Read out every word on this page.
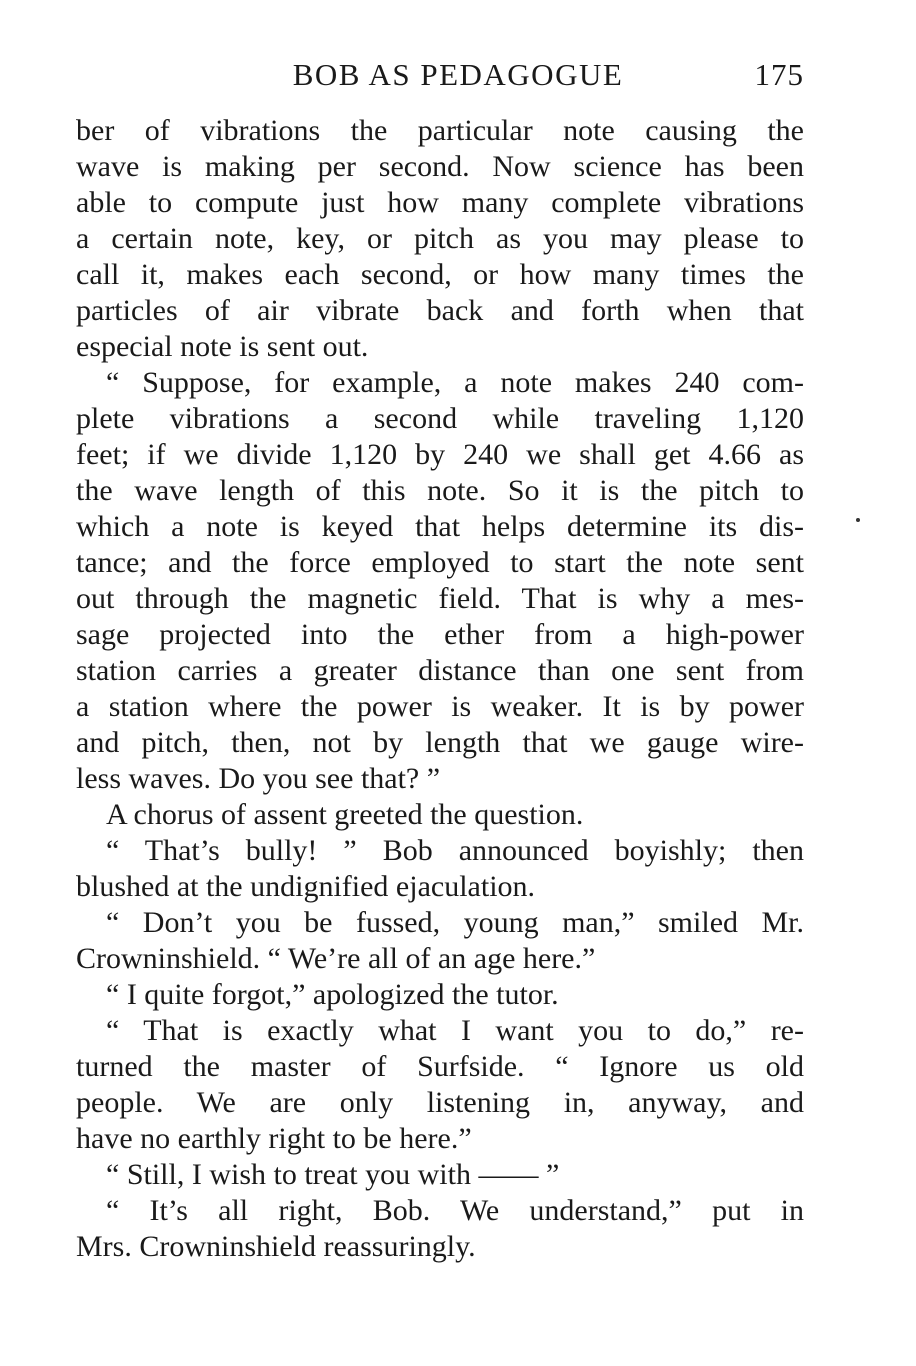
BOB AS PEDAGOGUE	175
ber of vibrations the particular note causing the
wave is making per second. Now science has been
able to compute just how many complete vibrations
a certain note, key, or pitch as you may please to
call it, makes each second, or how many times the
particles of air vibrate back and forth when that
especial note is sent out.
“ Suppose, for example, a note makes 240 com-
plete vibrations a second while traveling 1,120
feet; if we divide 1,120 by 240 we shall get 4.66 as
the wave length of this note. So it is the pitch to
which a note is keyed that helps determine its dis-
tance; and the force employed to start the note sent
out through the magnetic field. That is why a mes-
sage projected into the ether from a high-power
station carries a greater distance than one sent from
a station where the power is weaker. It is by power
and pitch, then, not by length that we gauge wire-
less waves. Do you see that? ”
A chorus of assent greeted the question.
“ That’s bully! ” Bob announced boyishly; then
blushed at the undignified ejaculation.
“ Don’t you be fussed, young man,” smiled Mr.
Crowninshield. “ We’re all of an age here.”
“ I quite forgot,” apologized the tutor.
“ That is exactly what I want you to do,” re-
turned the master of Surfside. “ Ignore us old
people. We are only listening in, anyway, and
have no earthly right to be here.”
“ Still, I wish to treat you with —— ”
“ It’s all right, Bob. We understand,” put in
Mrs. Crowninshield reassuringly.
